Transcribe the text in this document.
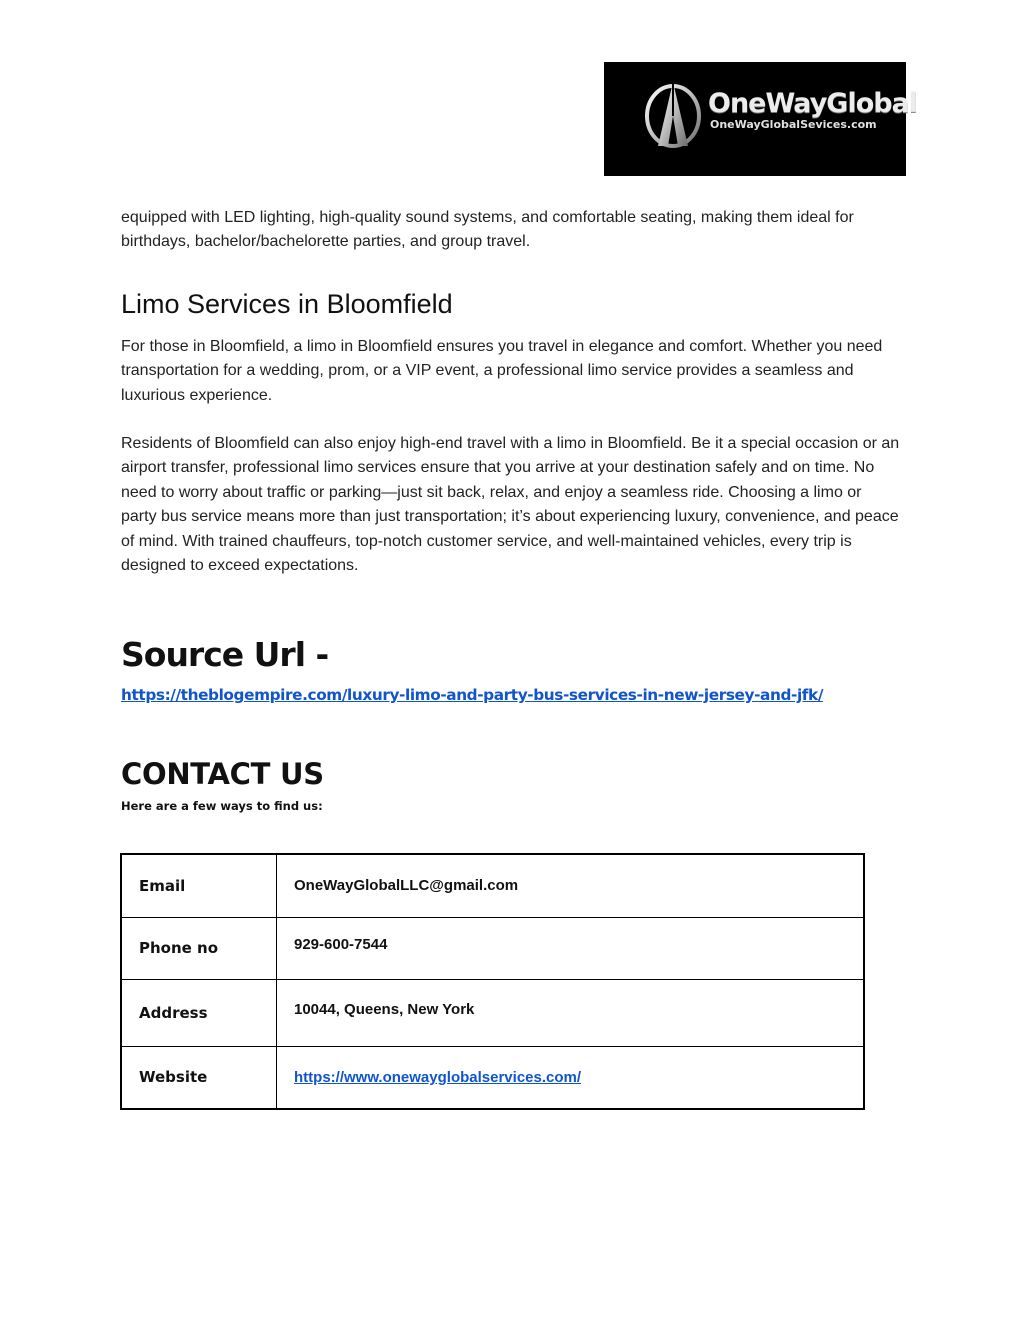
OneWayGlobal
OneWayGlobalSevices.com

equipped with LED lighting, high-quality sound systems, and comfortable seating, making them ideal for birthdays, bachelor/bachelorette parties, and group travel.

Limo Services in Bloomfield

For those in Bloomfield, a limo in Bloomfield ensures you travel in elegance and comfort. Whether you need transportation for a wedding, prom, or a VIP event, a professional limo service provides a seamless and luxurious experience.

Residents of Bloomfield can also enjoy high-end travel with a limo in Bloomfield. Be it a special occasion or an airport transfer, professional limo services ensure that you arrive at your destination safely and on time. No need to worry about traffic or parking—just sit back, relax, and enjoy a seamless ride. Choosing a limo or party bus service means more than just transportation; it’s about experiencing luxury, convenience, and peace of mind. With trained chauffeurs, top-notch customer service, and well-maintained vehicles, every trip is designed to exceed expectations.

Source Url -
https://theblogempire.com/luxury-limo-and-party-bus-services-in-new-jersey-and-jfk/
CONTACT US
Here are a few ways to find us:
Email	OneWayGlobalLLC@gmail.com
Phone no	929-600-7544
Address	10044, Queens, New York
Website	https://www.onewayglobalservices.com/
